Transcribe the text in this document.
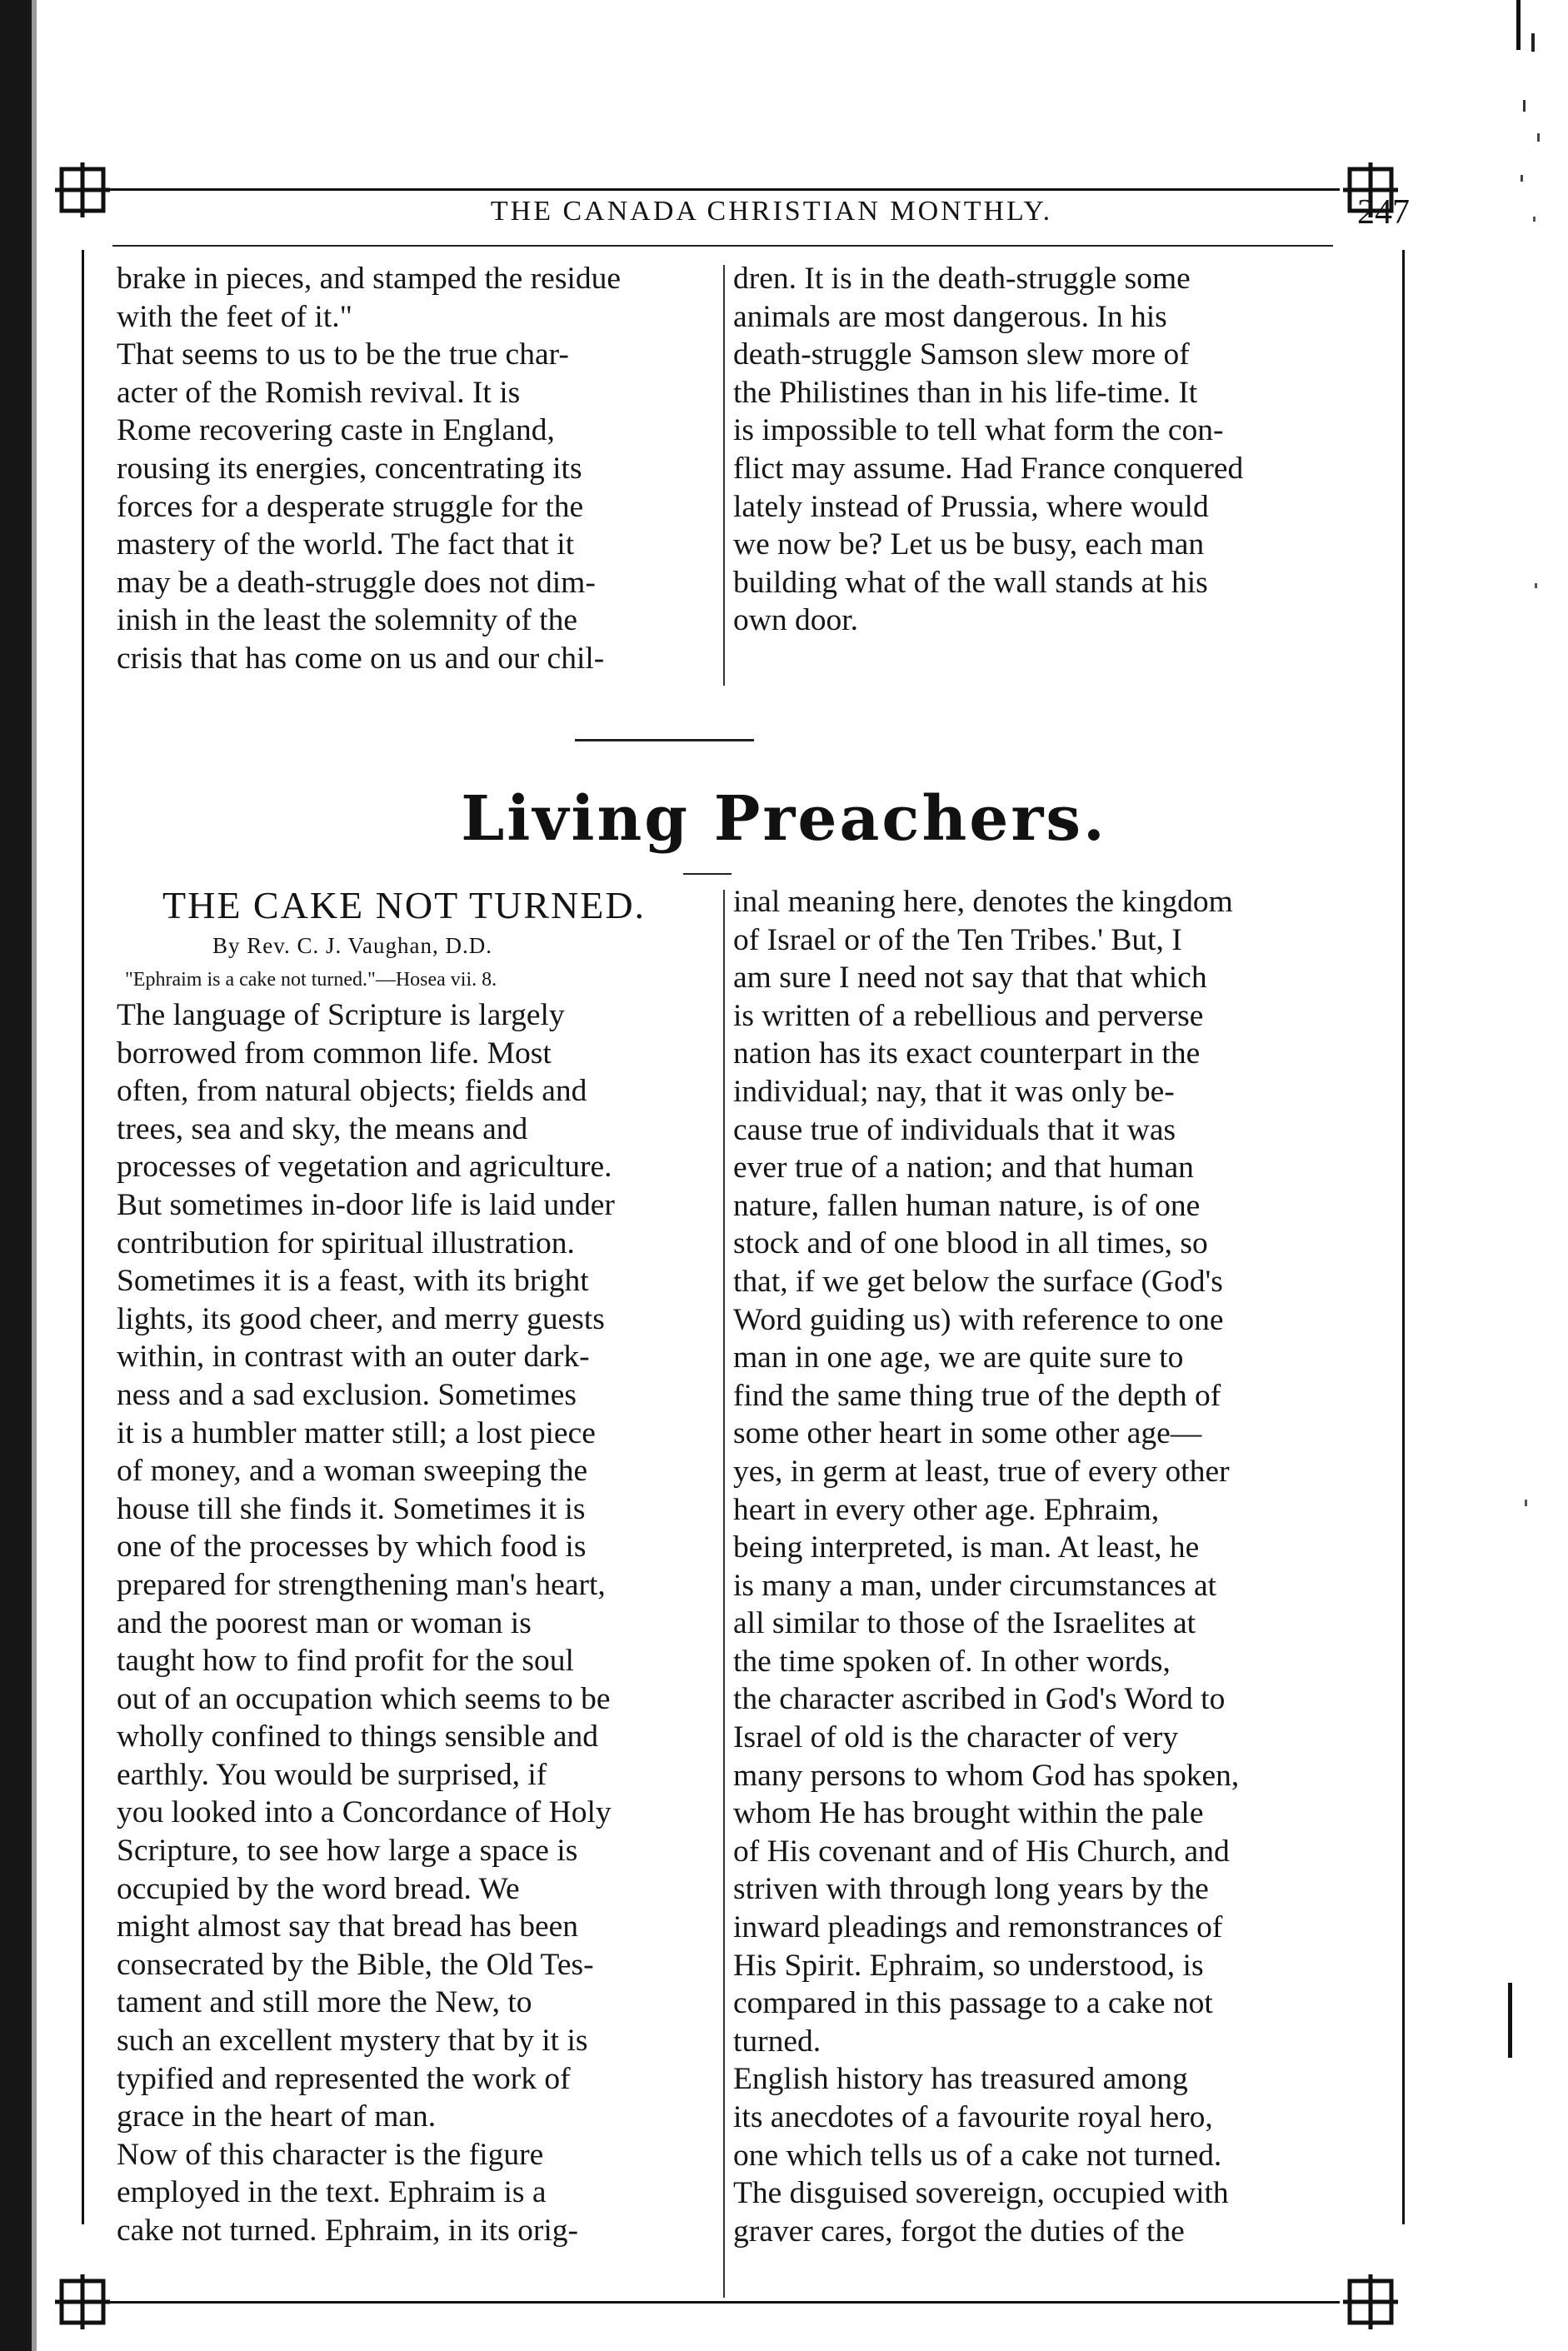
THE CANADA CHRISTIAN MONTHLY.	247
brake in pieces, and stamped the residue
with the feet of it."
That seems to us to be the true char-
acter of the Romish revival. It is
Rome recovering caste in England,
rousing its energies, concentrating its
forces for a desperate struggle for the
mastery of the world. The fact that it
may be a death-struggle does not dim-
inish in the least the solemnity of the
crisis that has come on us and our chil-
dren. It is in the death-struggle some
animals are most dangerous. In his
death-struggle Samson slew more of
the Philistines than in his life-time. It
is impossible to tell what form the con-
flict may assume. Had France conquered
lately instead of Prussia, where would
we now be? Let us be busy, each man
building what of the wall stands at his
own door.
Living Preachers.
THE CAKE NOT TURNED.
By Rev. C. J. Vaughan, D.D.
"Ephraim is a cake not turned."—Hosea vii. 8.
The language of Scripture is largely
borrowed from common life. Most
often, from natural objects; fields and
trees, sea and sky, the means and
processes of vegetation and agriculture.
But sometimes in-door life is laid under
contribution for spiritual illustration.
Sometimes it is a feast, with its bright
lights, its good cheer, and merry guests
within, in contrast with an outer dark-
ness and a sad exclusion. Sometimes
it is a humbler matter still; a lost piece
of money, and a woman sweeping the
house till she finds it. Sometimes it is
one of the processes by which food is
prepared for strengthening man's heart,
and the poorest man or woman is
taught how to find profit for the soul
out of an occupation which seems to be
wholly confined to things sensible and
earthly. You would be surprised, if
you looked into a Concordance of Holy
Scripture, to see how large a space is
occupied by the word bread. We
might almost say that bread has been
consecrated by the Bible, the Old Tes-
tament and still more the New, to
such an excellent mystery that by it is
typified and represented the work of
grace in the heart of man.
Now of this character is the figure
employed in the text. Ephraim is a
cake not turned. Ephraim, in its orig-
inal meaning here, denotes the kingdom
of Israel or of the Ten Tribes.' But, I
am sure I need not say that that which
is written of a rebellious and perverse
nation has its exact counterpart in the
individual; nay, that it was only be-
cause true of individuals that it was
ever true of a nation; and that human
nature, fallen human nature, is of one
stock and of one blood in all times, so
that, if we get below the surface (God's
Word guiding us) with reference to one
man in one age, we are quite sure to
find the same thing true of the depth of
some other heart in some other age—
yes, in germ at least, true of every other
heart in every other age. Ephraim,
being interpreted, is man. At least, he
is many a man, under circumstances at
all similar to those of the Israelites at
the time spoken of. In other words,
the character ascribed in God's Word to
Israel of old is the character of very
many persons to whom God has spoken,
whom He has brought within the pale
of His covenant and of His Church, and
striven with through long years by the
inward pleadings and remonstrances of
His Spirit. Ephraim, so understood, is
compared in this passage to a cake not
turned.
English history has treasured among
its anecdotes of a favourite royal hero,
one which tells us of a cake not turned.
The disguised sovereign, occupied with
graver cares, forgot the duties of the
